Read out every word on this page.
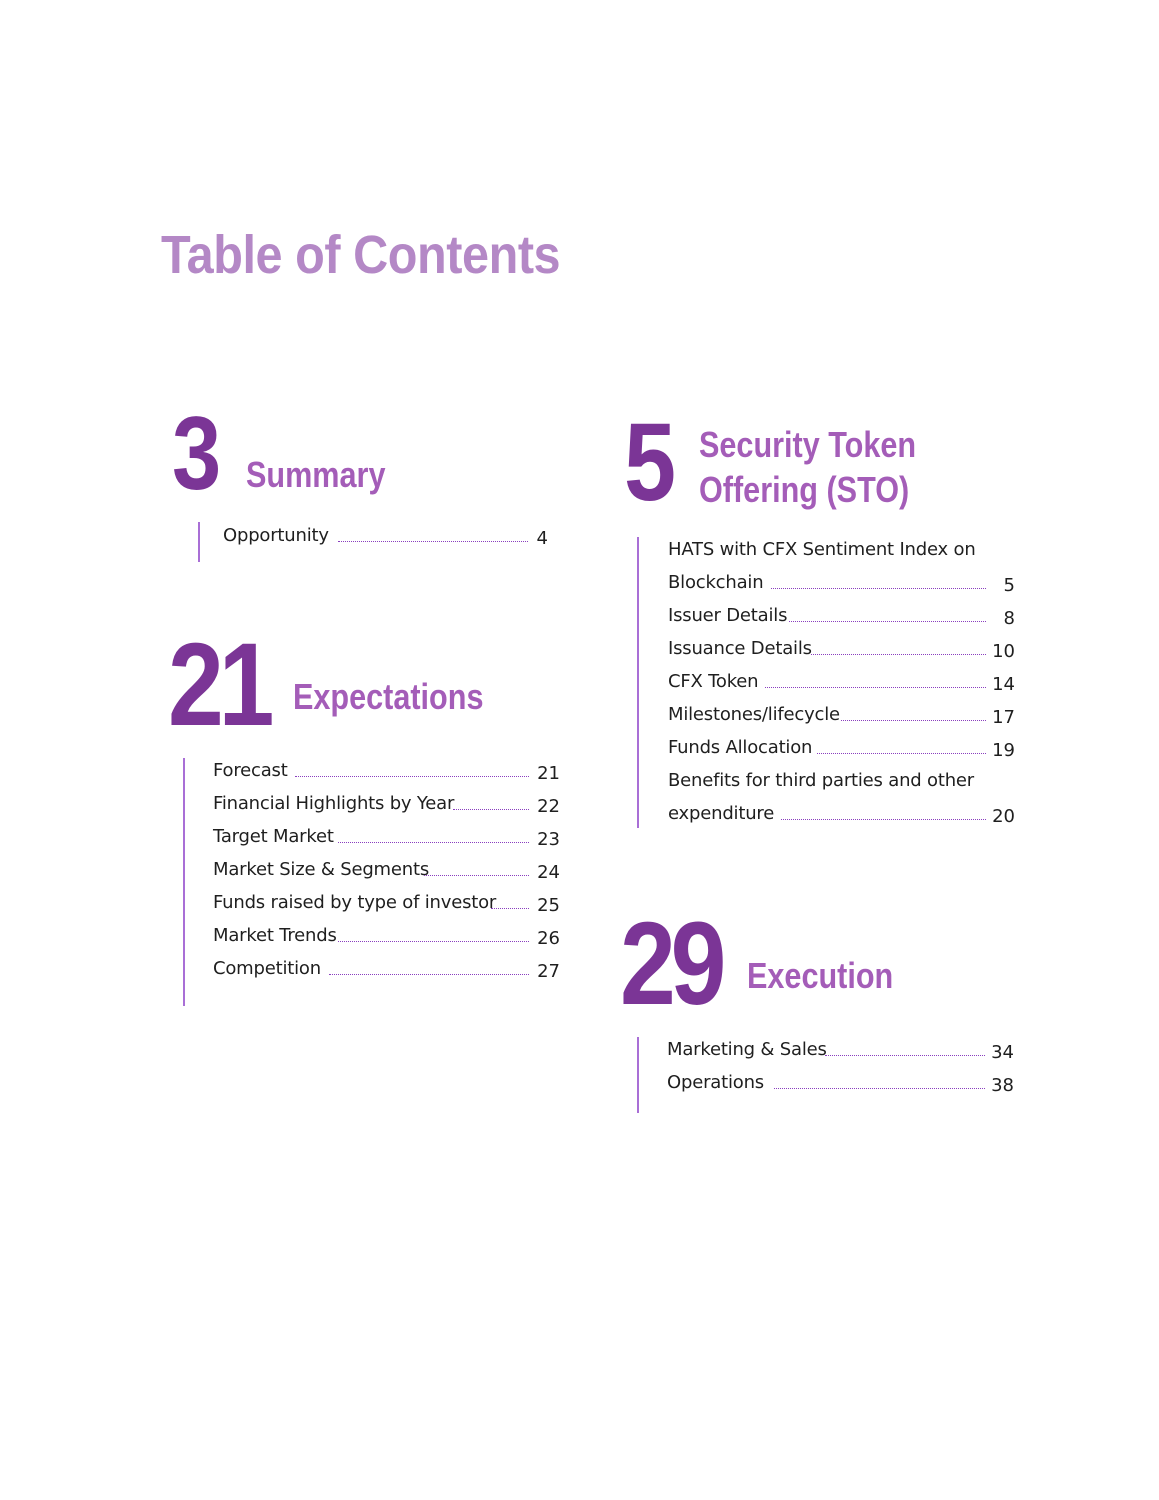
Table of Contents
3 Summary
Opportunity	4
21 Expectations
Forecast	21
Financial Highlights by Year	22
Target Market	23
Market Size & Segments	24
Funds raised by type of investor 25
Market Trends	26
Competition	27
5 Security Token
Offering (STO)
HATS with CFX Sentiment Index on
Blockchain	5
Issuer Details	8
Issuance Details	10
CFX Token	14
Milestones/lifecycle	17
Funds Allocation	19
Benefits for third parties and other
expenditure	20
29 Execution
Marketing & Sales	34
Operations	38
